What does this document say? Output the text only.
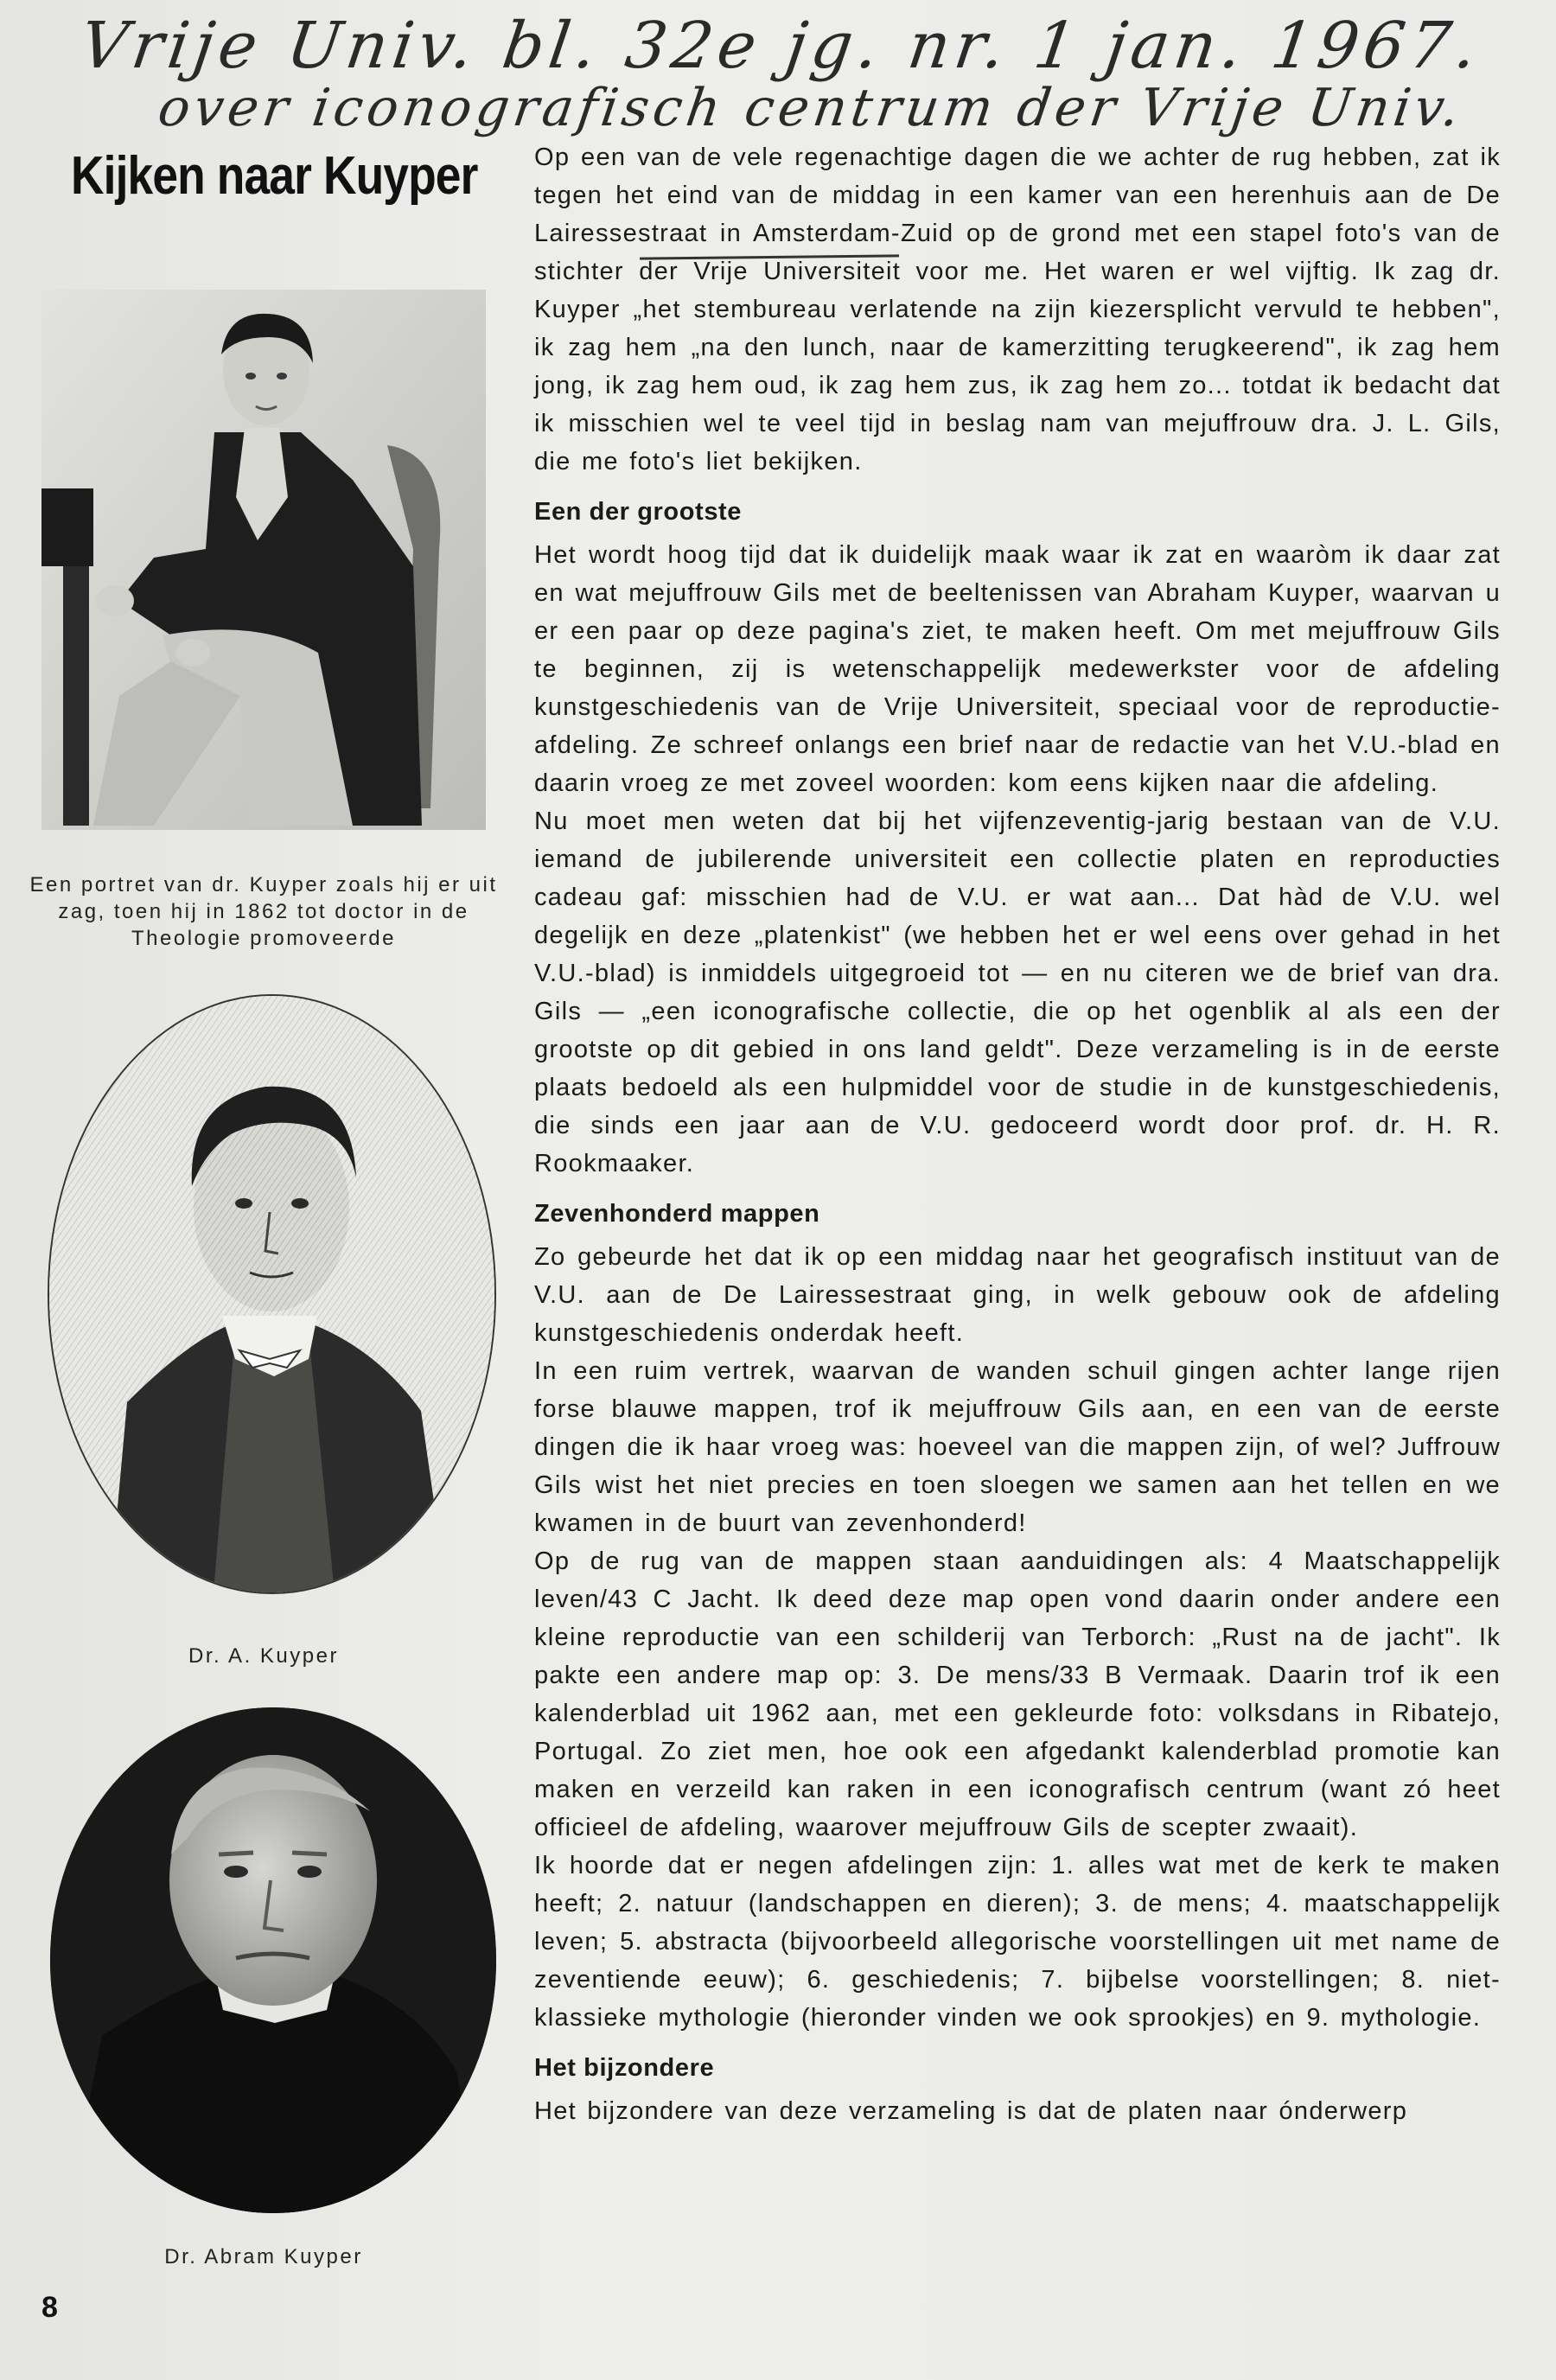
Vrije Univ. bl. 32e jg. nr. 1 jan. 1967.
over iconografisch centrum der Vrije Univ.
Kijken naar Kuyper
Een portret van dr. Kuyper zoals hij er uit zag, toen hij in 1862 tot doctor in de Theologie promoveerde
Dr. A. Kuyper
Dr. Abram Kuyper

Op een van de vele regenachtige dagen die we achter de rug hebben, zat ik tegen het eind van de middag in een kamer van een herenhuis aan de De Lairessestraat in Amsterdam-Zuid op de grond met een stapel foto's van de stichter der Vrije Universiteit voor me. Het waren er wel vijftig. Ik zag dr. Kuyper „het stembureau verlatende na zijn kiezersplicht vervuld te hebben", ik zag hem „na den lunch, naar de kamerzitting terugkeerend", ik zag hem jong, ik zag hem oud, ik zag hem zus, ik zag hem zo... totdat ik bedacht dat ik misschien wel te veel tijd in beslag nam van mejuffrouw dra. J. L. Gils, die me foto's liet bekijken.

Een der grootste

Het wordt hoog tijd dat ik duidelijk maak waar ik zat en waaròm ik daar zat en wat mejuffrouw Gils met de beeltenissen van Abraham Kuyper, waarvan u er een paar op deze pagina's ziet, te maken heeft. Om met mejuffrouw Gils te beginnen, zij is wetenschappelijk medewerkster voor de afdeling kunstgeschiedenis van de Vrije Universiteit, speciaal voor de reproductie-afdeling. Ze schreef onlangs een brief naar de redactie van het V.U.-blad en daarin vroeg ze met zoveel woorden: kom eens kijken naar die afdeling.

Nu moet men weten dat bij het vijfenzeventig-jarig bestaan van de V.U. iemand de jubilerende universiteit een collectie platen en reproducties cadeau gaf: misschien had de V.U. er wat aan... Dat hàd de V.U. wel degelijk en deze „platenkist" (we hebben het er wel eens over gehad in het V.U.-blad) is inmiddels uitgegroeid tot — en nu citeren we de brief van dra. Gils — „een iconografische collectie, die op het ogenblik al als een der grootste op dit gebied in ons land geldt". Deze verzameling is in de eerste plaats bedoeld als een hulpmiddel voor de studie in de kunstgeschiedenis, die sinds een jaar aan de V.U. gedoceerd wordt door prof. dr. H. R. Rookmaaker.

Zevenhonderd mappen

Zo gebeurde het dat ik op een middag naar het geografisch instituut van de V.U. aan de De Lairessestraat ging, in welk gebouw ook de afdeling kunstgeschiedenis onderdak heeft.

In een ruim vertrek, waarvan de wanden schuil gingen achter lange rijen forse blauwe mappen, trof ik mejuffrouw Gils aan, en een van de eerste dingen die ik haar vroeg was: hoeveel van die mappen zijn, of wel? Juffrouw Gils wist het niet precies en toen sloegen we samen aan het tellen en we kwamen in de buurt van zevenhonderd!

Op de rug van de mappen staan aanduidingen als: 4 Maatschappelijk leven/43 C Jacht. Ik deed deze map open vond daarin onder andere een kleine reproductie van een schilderij van Terborch: „Rust na de jacht". Ik pakte een andere map op: 3. De mens/33 B Vermaak. Daarin trof ik een kalenderblad uit 1962 aan, met een gekleurde foto: volksdans in Ribatejo, Portugal. Zo ziet men, hoe ook een afgedankt kalenderblad promotie kan maken en verzeild kan raken in een iconografisch centrum (want zó heet officieel de afdeling, waarover mejuffrouw Gils de scepter zwaait).

Ik hoorde dat er negen afdelingen zijn: 1. alles wat met de kerk te maken heeft; 2. natuur (landschappen en dieren); 3. de mens; 4. maatschappelijk leven; 5. abstracta (bijvoorbeeld allegorische voorstellingen uit met name de zeventiende eeuw); 6. geschiedenis; 7. bijbelse voorstellingen; 8. niet-klassieke mythologie (hieronder vinden we ook sprookjes) en 9. mythologie.

Het bijzondere

Het bijzondere van deze verzameling is dat de platen naar ónderwerp

8
